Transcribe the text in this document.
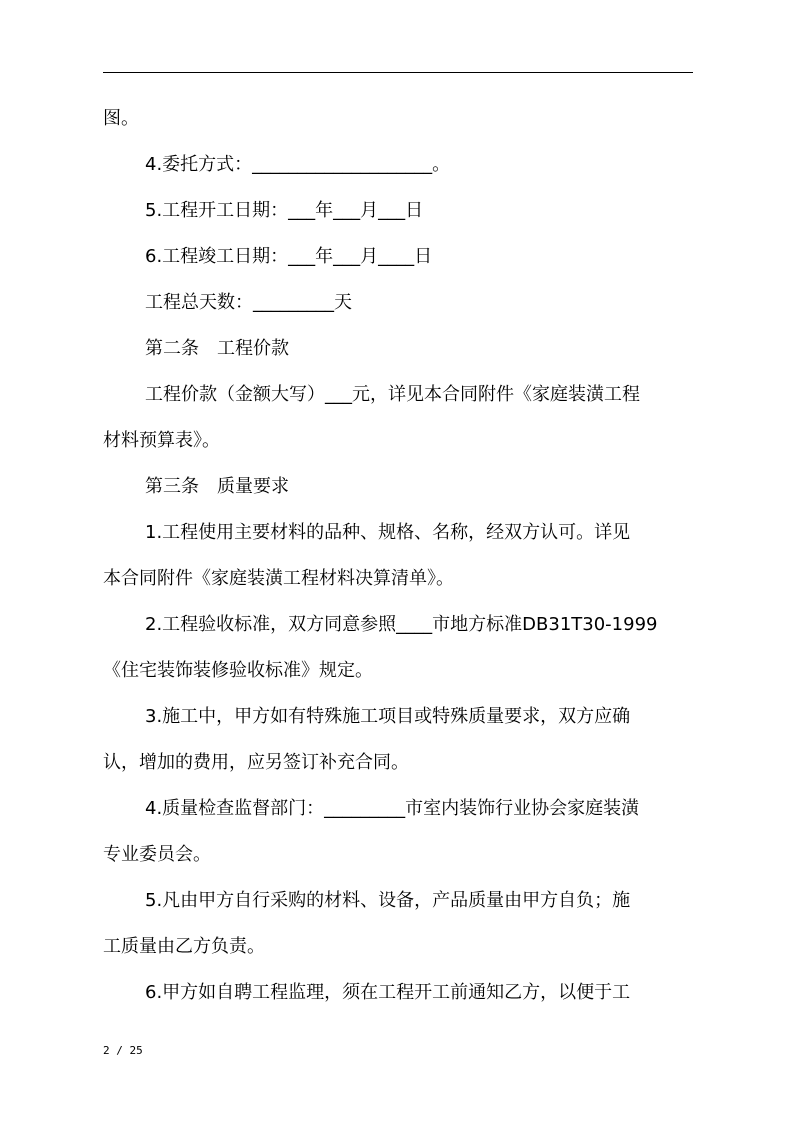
图。
4.委托方式：____________________。
5.工程开工日期：___年___月___日
6.工程竣工日期：___年___月____日
工程总天数：_________天
第二条　工程价款
工程价款（金额大写）___元，详见本合同附件《家庭装潢工程
材料预算表》。
第三条　质量要求
1.工程使用主要材料的品种、规格、名称，经双方认可。详见
本合同附件《家庭装潢工程材料决算清单》。
2.工程验收标准，双方同意参照____市地方标准DB31T30-1999
《住宅装饰装修验收标准》规定。
3.施工中，甲方如有特殊施工项目或特殊质量要求，双方应确
认，增加的费用，应另签订补充合同。
4.质量检查监督部门：_________市室内装饰行业协会家庭装潢
专业委员会。
5.凡由甲方自行采购的材料、设备，产品质量由甲方自负；施
工质量由乙方负责。
6.甲方如自聘工程监理，须在工程开工前通知乙方，以便于工
2 / 25
